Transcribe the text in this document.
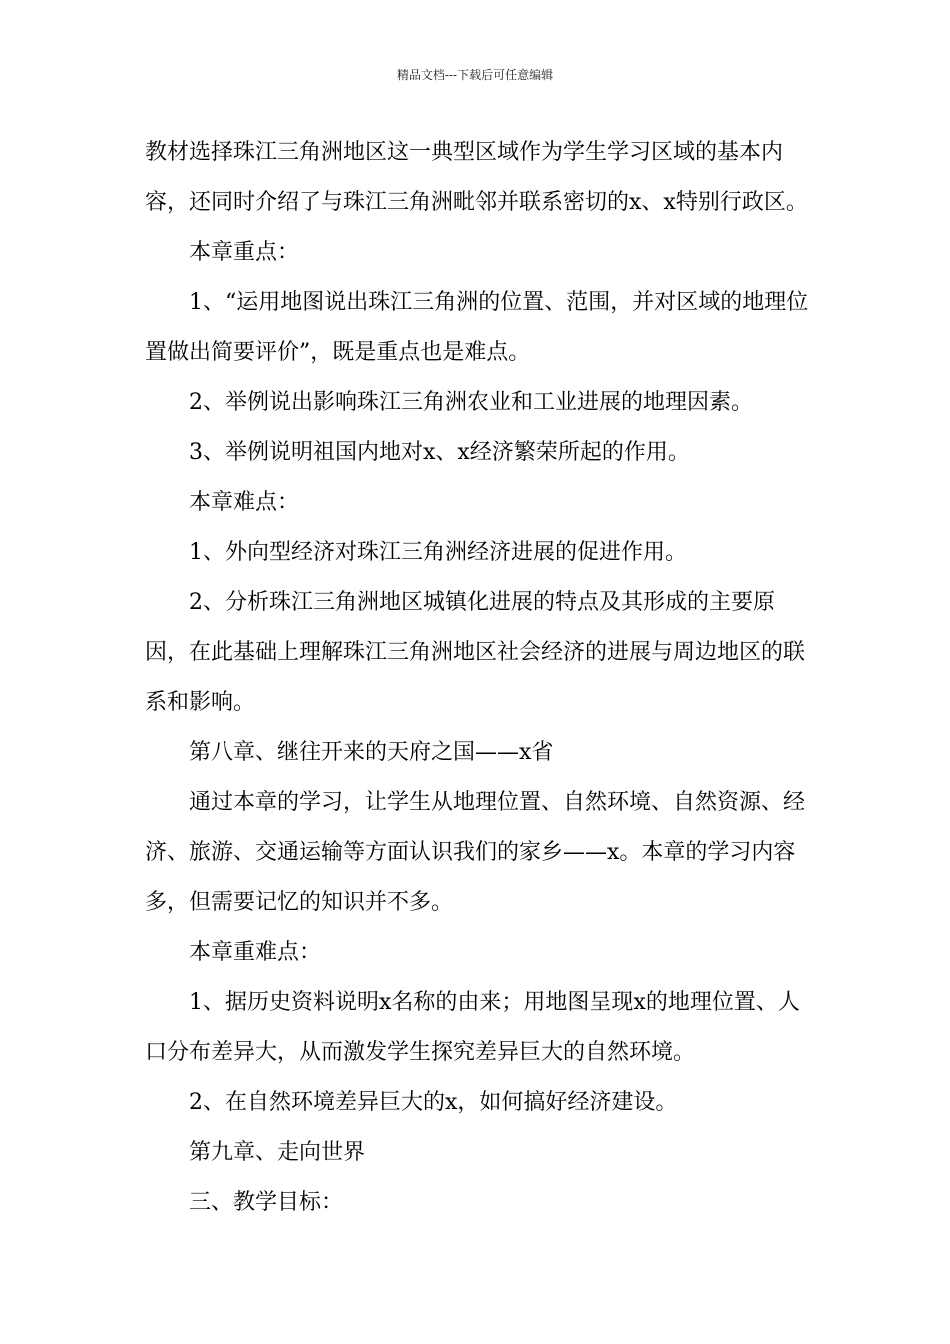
精品文档---下载后可任意编辑

教材选择珠江三角洲地区这一典型区域作为学生学习区域的基本内容，还同时介绍了与珠江三角洲毗邻并联系密切的x、x特别行政区。

本章重点：

1、“运用地图说出珠江三角洲的位置、范围，并对区域的地理位置做出简要评价”，既是重点也是难点。

2、举例说出影响珠江三角洲农业和工业进展的地理因素。

3、举例说明祖国内地对x、x经济繁荣所起的作用。

本章难点：

1、外向型经济对珠江三角洲经济进展的促进作用。

2、分析珠江三角洲地区城镇化进展的特点及其形成的主要原因，在此基础上理解珠江三角洲地区社会经济的进展与周边地区的联系和影响。

第八章、继往开来的天府之国——x省

通过本章的学习，让学生从地理位置、自然环境、自然资源、经济、旅游、交通运输等方面认识我们的家乡——x。本章的学习内容多，但需要记忆的知识并不多。

本章重难点：

1、据历史资料说明x名称的由来；用地图呈现x的地理位置、人口分布差异大，从而激发学生探究差异巨大的自然环境。

2、在自然环境差异巨大的x，如何搞好经济建设。

第九章、走向世界

三、教学目标：
